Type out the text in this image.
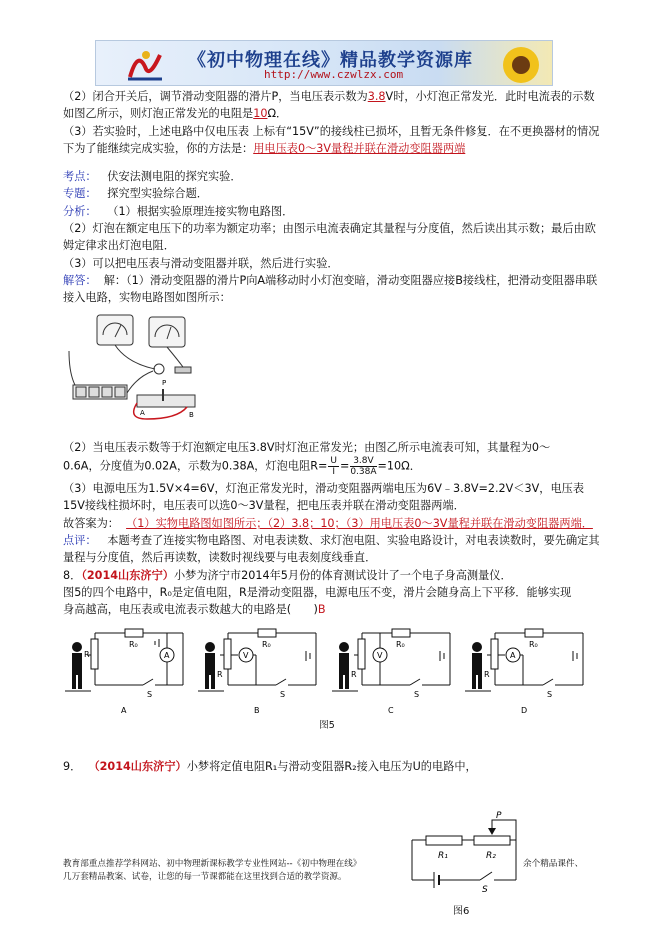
《初中物理在线》精品教学资源库
http://www.czwlzx.com

（2）闭合开关后，调节滑动变阻器的滑片P，当电压表示数为3.8V时，小灯泡正常发光．此时电流表的示数如图乙所示，则灯泡正常发光的电阻是10Ω．

（3）若实验时，上述电路中仅电压表 上标有“15V”的接线柱已损坏，且暂无条件修复．在不更换器材的情况下为了能继续完成实验，你的方法是：用电压表0～3V量程并联在滑动变阻器两端

考点： 伏安法测电阻的探究实验．

专题： 探究型实验综合题．

分析： （1）根据实验原理连接实物电路图．

（2）灯泡在额定电压下的功率为额定功率；由图示电流表确定其量程与分度值，然后读出其示数；最后由欧姆定律求出灯泡电阻．

（3）可以把电压表与滑动变阻器并联，然后进行实验．

解答： 解：（1）滑动变阻器的滑片P向A端移动时小灯泡变暗，滑动变阻器应接B接线柱，把滑动变阻器串联接入电路，实物电路图如图所示：

P
A	B

（2）当电压表示数等于灯泡额定电压3.8V时灯泡正常发光；由图乙所示电流表可知，其量程为0～

0.6A，分度值为0.02A，示数为0.38A，灯泡电阻$R= \frac{U}{I} = \frac{3.8V}{0.38A} =10\Omega$．

（3）电源电压为1.5V×4=6V，灯泡正常发光时，滑动变阻器两端电压为6V﹣3.8V=2.2V＜3V，电压表15V接线柱损坏时，电压表可以选0～3V量程，把电压表并联在滑动变阻器两端．

故答案为： （1）实物电路图如图所示；（2）3.8；10；（3）用电压表0～3V量程并联在滑动变阻器两端．

点评： 本题考查了连接实物电路图、对电表读数、求灯泡电阻、实验电路设计，对电表读数时，要先确定其量程与分度值，然后再读数，读数时视线要与电表刻度线垂直．

8．（2014山东济宁）小梦为济宁市2014年5月份的体育测试设计了一个电子身高测量仪．

图5的四个电路中，R₀是定值电阻，R是滑动变阻器，电源电压不变，滑片会随身高上下平移．能够实现

身高越高，电压表或电流表示数越大的电路是(　　)B

R
R₀
A
S
A
R
R₀
V
S
B
R
R₀
V
S
C
R
R₀
A
S
D
图5

9． （2014山东济宁）小梦将定值电阻R₁与滑动变阻器R₂接入电压为U的电路中，

P
R₁	R₂
S
图6
教育部重点推荐学科网站、初中物理新课标教学专业性网站--《初中物理在线》
几万套精品教案、试卷，让您的每一节课都能在这里找到合适的教学资源。
余个精品课件、
